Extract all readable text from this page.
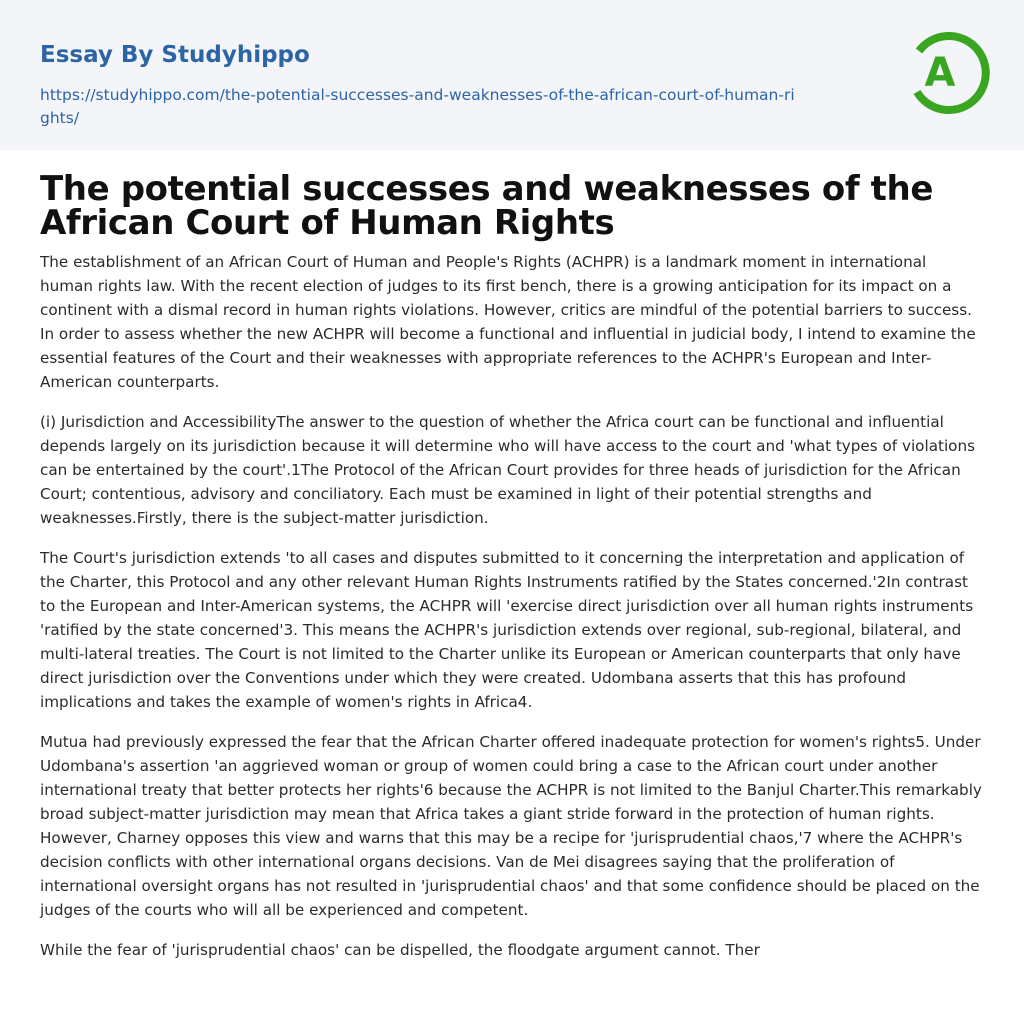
Essay By Studyhippo
https://studyhippo.com/the-potential-successes-and-weaknesses-of-the-african-court-of-human-rights/
A
The potential successes and weaknesses of the African Court of Human Rights

The establishment of an African Court of Human and People's Rights (ACHPR) is a landmark moment in international human rights law. With the recent election of judges to its first bench, there is a growing anticipation for its impact on a continent with a dismal record in human rights violations. However, critics are mindful of the potential barriers to success. In order to assess whether the new ACHPR will become a functional and influential in judicial body, I intend to examine the essential features of the Court and their weaknesses with appropriate references to the ACHPR's European and Inter-American counterparts.

(i) Jurisdiction and AccessibilityThe answer to the question of whether the Africa court can be functional and influential depends largely on its jurisdiction because it will determine who will have access to the court and 'what types of violations can be entertained by the court'.1The Protocol of the African Court provides for three heads of jurisdiction for the African Court; contentious, advisory and conciliatory. Each must be examined in light of their potential strengths and weaknesses.Firstly, there is the subject-matter jurisdiction.

The Court's jurisdiction extends 'to all cases and disputes submitted to it concerning the interpretation and application of the Charter, this Protocol and any other relevant Human Rights Instruments ratified by the States concerned.'2In contrast to the European and Inter-American systems, the ACHPR will 'exercise direct jurisdiction over all human rights instruments 'ratified by the state concerned'3. This means the ACHPR's jurisdiction extends over regional, sub-regional, bilateral, and multi-lateral treaties. The Court is not limited to the Charter unlike its European or American counterparts that only have direct jurisdiction over the Conventions under which they were created. Udombana asserts that this has profound implications and takes the example of women's rights in Africa4.

Mutua had previously expressed the fear that the African Charter offered inadequate protection for women's rights5. Under Udombana's assertion 'an aggrieved woman or group of women could bring a case to the African court under another international treaty that better protects her rights'6 because the ACHPR is not limited to the Banjul Charter.This remarkably broad subject-matter jurisdiction may mean that Africa takes a giant stride forward in the protection of human rights. However, Charney opposes this view and warns that this may be a recipe for 'jurisprudential chaos,'7 where the ACHPR's decision conflicts with other international organs decisions. Van de Mei disagrees saying that the proliferation of international oversight organs has not resulted in 'jurisprudential chaos' and that some confidence should be placed on the judges of the courts who will all be experienced and competent.

While the fear of 'jurisprudential chaos' can be dispelled, the floodgate argument cannot. Ther
